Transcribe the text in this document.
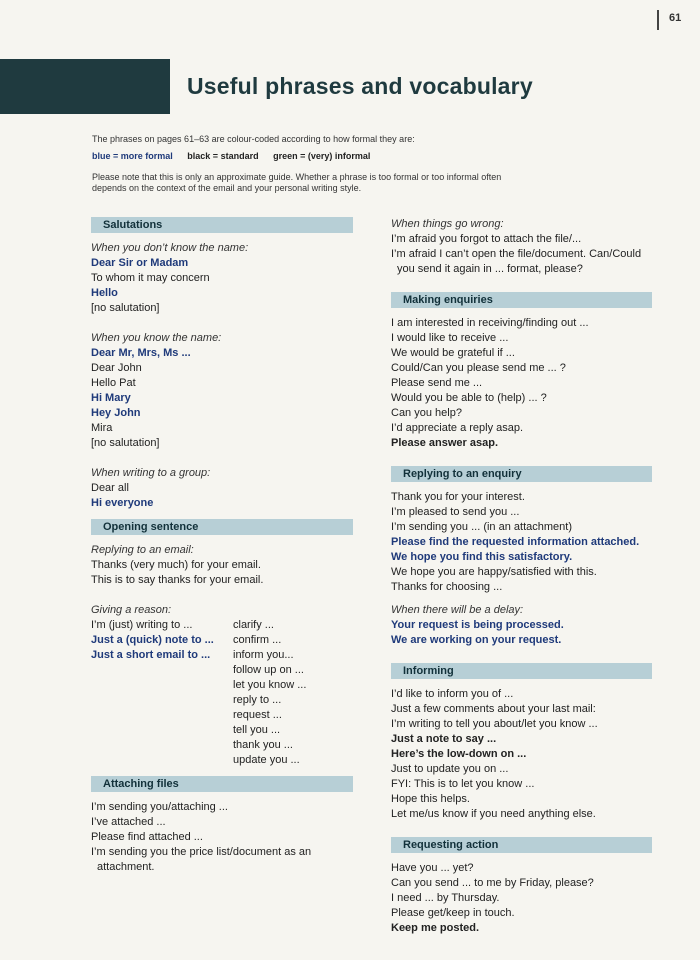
61
Useful phrases and vocabulary
The phrases on pages 61–63 are colour-coded according to how formal they are:
blue = more formal black = standard green = (very) informal
Please note that this is only an approximate guide. Whether a phrase is too formal or too informal often depends on the context of the email and your personal writing style.
Salutations
When you don’t know the name:
Dear Sir or Madam
To whom it may concern
Hello
[no salutation]
When you know the name:
Dear Mr, Mrs, Ms ...
Dear John
Hello Pat
Hi Mary
Hey John
Mira
[no salutation]
When writing to a group:
Dear all
Hi everyone
Opening sentence
Replying to an email:
Thanks (very much) for your email.
This is to say thanks for your email.
Giving a reason:
I’m (just) writing to ...
Just a (quick) note to ...
Just a short email to ...
clarify ...
confirm ...
inform you...
follow up on ...
let you know ...
reply to ...
request ...
tell you ...
thank you ...
update you ...
Attaching files
I’m sending you/attaching ...
I’ve attached ...
Please find attached ...
I’m sending you the price list/document as an attachment.
When things go wrong:
I’m afraid you forgot to attach the file/...
I’m afraid I can’t open the file/document. Can/Could you send it again in ... format, please?
Making enquiries
I am interested in receiving/finding out ...
I would like to receive ...
We would be grateful if ...
Could/Can you please send me ... ?
Please send me ...
Would you be able to (help) ... ?
Can you help?
I’d appreciate a reply asap.
Please answer asap.
Replying to an enquiry
Thank you for your interest.
I’m pleased to send you ...
I’m sending you ... (in an attachment)
Please find the requested information attached.
We hope you find this satisfactory.
We hope you are happy/satisfied with this.
Thanks for choosing ...
When there will be a delay:
Your request is being processed.
We are working on your request.
Informing
I’d like to inform you of ...
Just a few comments about your last mail:
I’m writing to tell you about/let you know ...
Just a note to say ...
Here’s the low-down on ...
Just to update you on ...
FYI: This is to let you know ...
Hope this helps.
Let me/us know if you need anything else.
Requesting action
Have you ... yet?
Can you send ... to me by Friday, please?
I need ... by Thursday.
Please get/keep in touch.
Keep me posted.
